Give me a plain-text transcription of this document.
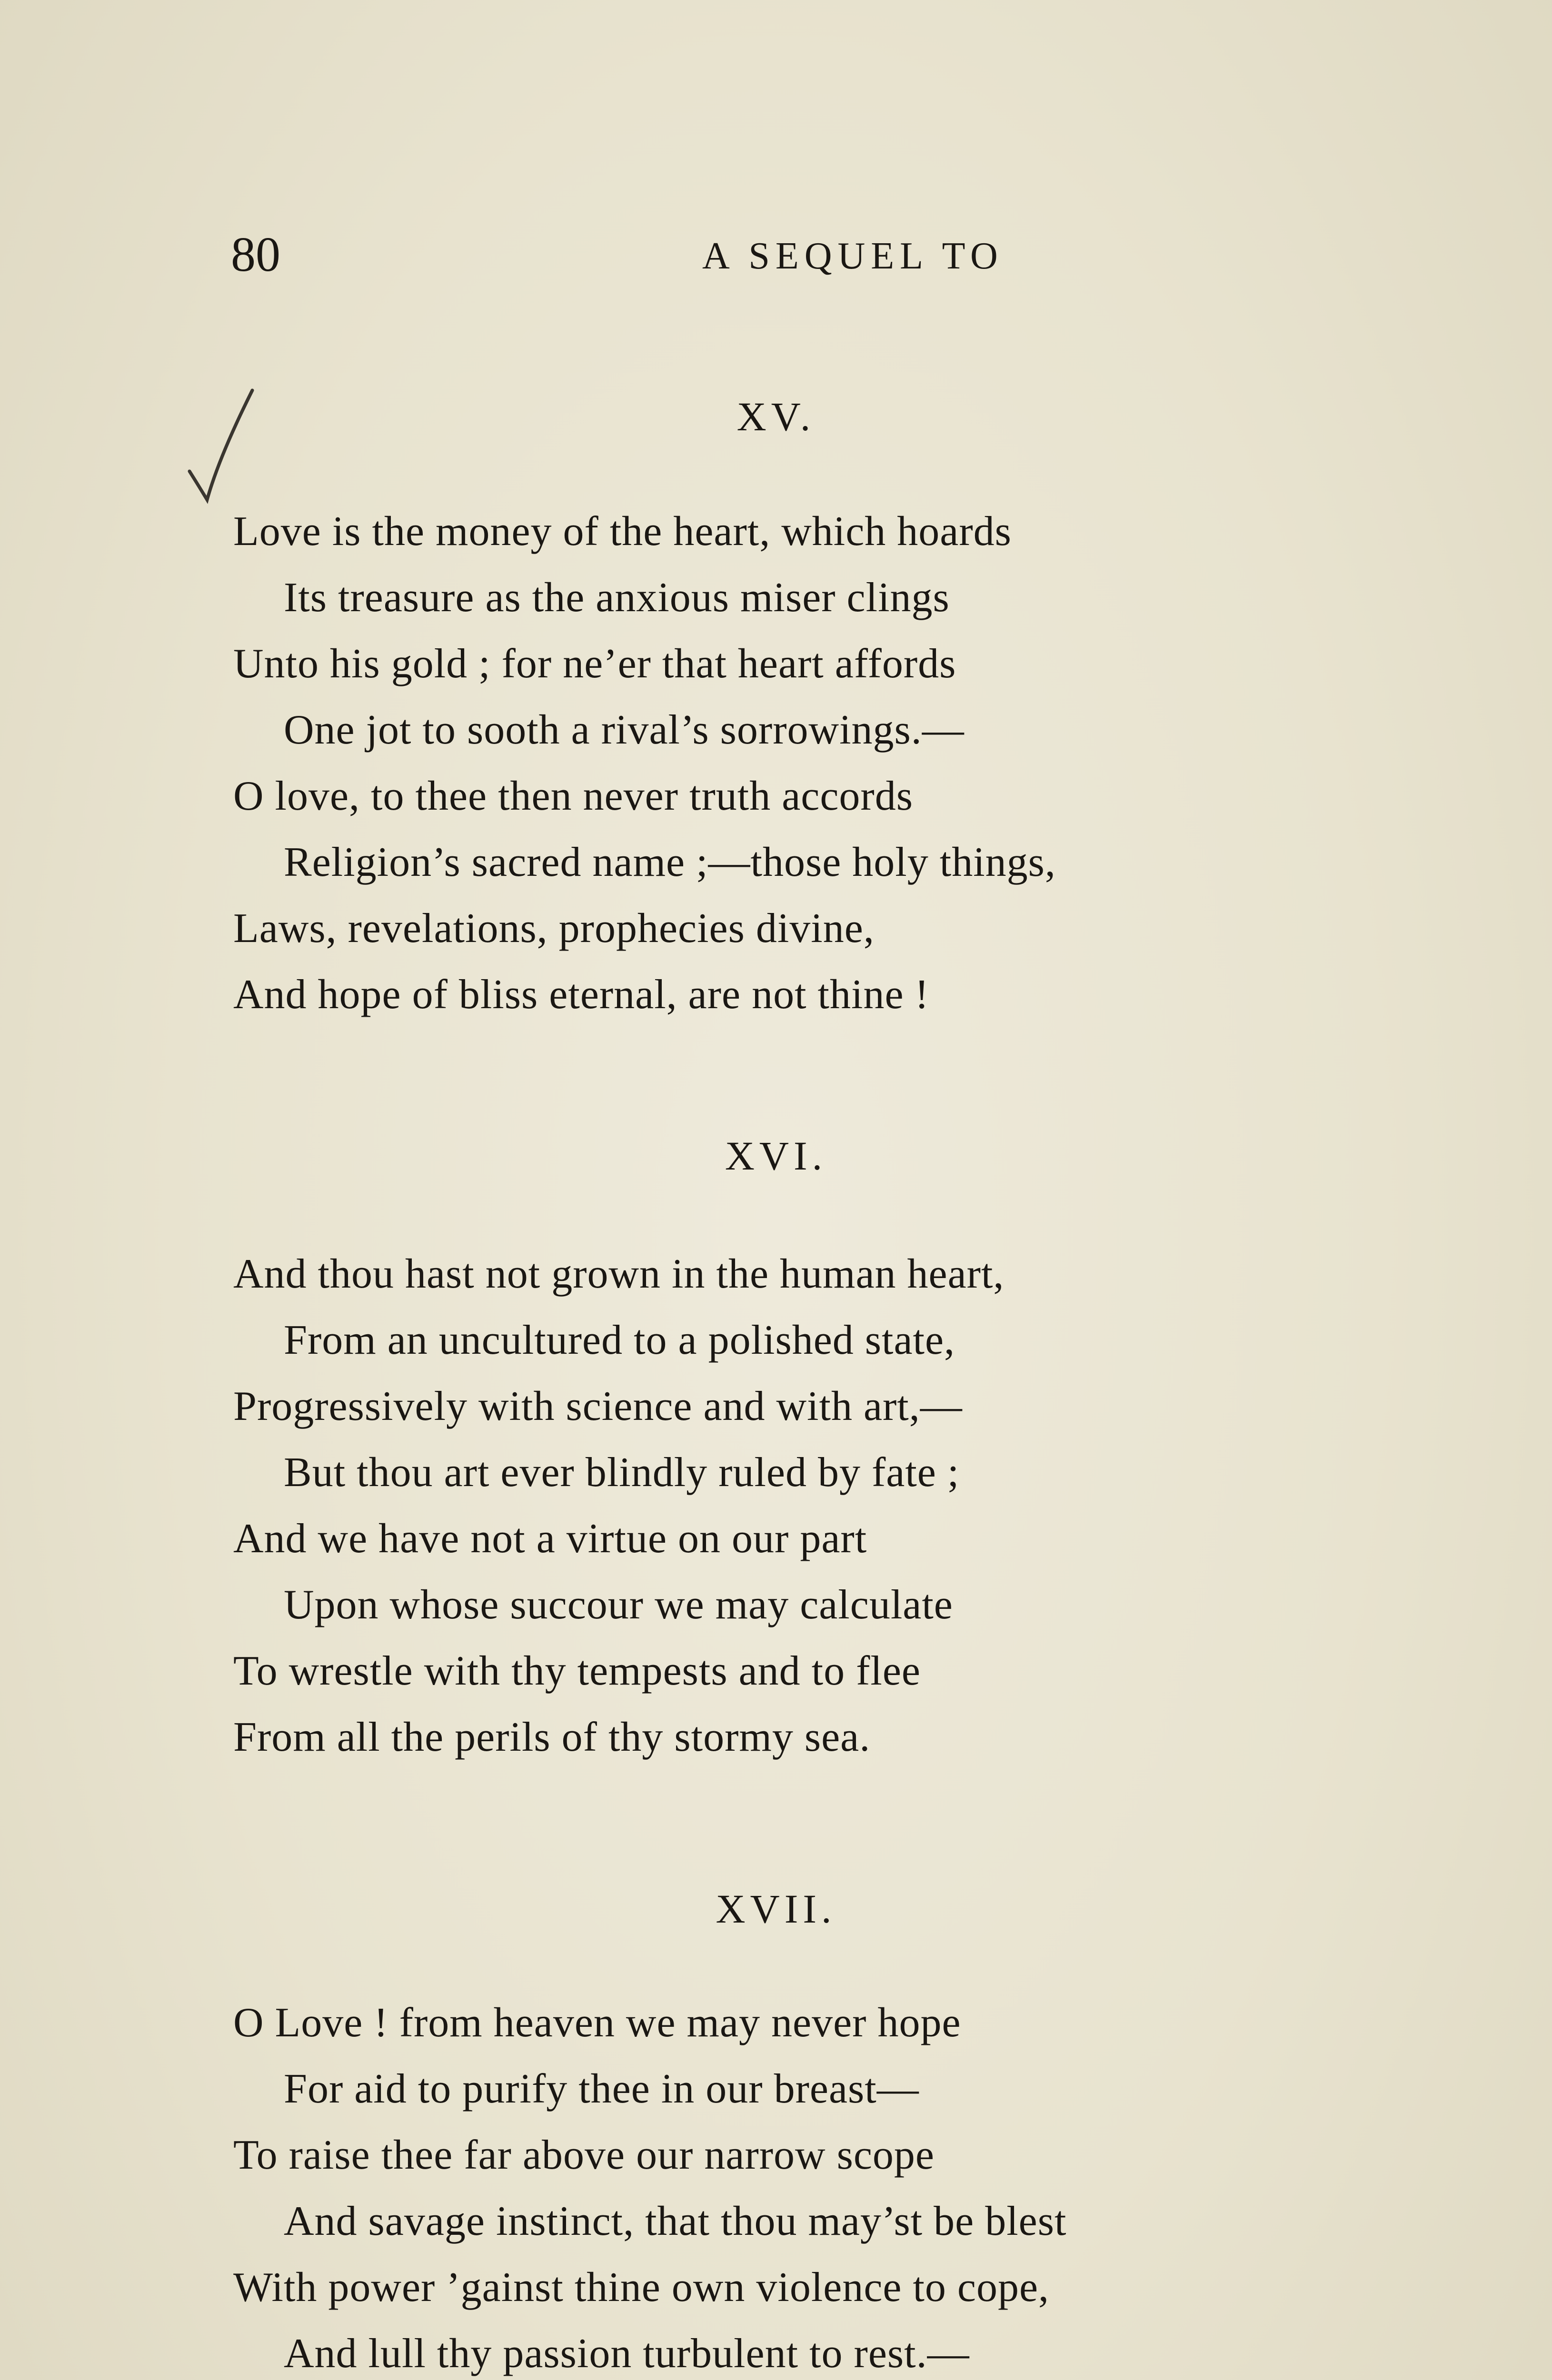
80	A SEQUEL TO
XV.
Love is the money of the heart, which hoards
Its treasure as the anxious miser clings
Unto his gold ; for ne’er that heart affords
One jot to sooth a rival’s sorrowings.—
O love, to thee then never truth accords
Religion’s sacred name ;—those holy things,
Laws, revelations, prophecies divine,
And hope of bliss eternal, are not thine !
XVI.
And thou hast not grown in the human heart,
From an uncultured to a polished state,
Progressively with science and with art,—
But thou art ever blindly ruled by fate ;
And we have not a virtue on our part
Upon whose succour we may calculate
To wrestle with thy tempests and to flee
From all the perils of thy stormy sea.
XVII.
O Love ! from heaven we may never hope
For aid to purify thee in our breast—
To raise thee far above our narrow scope
And savage instinct, that thou may’st be blest
With power ’gainst thine own violence to cope,
And lull thy passion turbulent to rest.—
